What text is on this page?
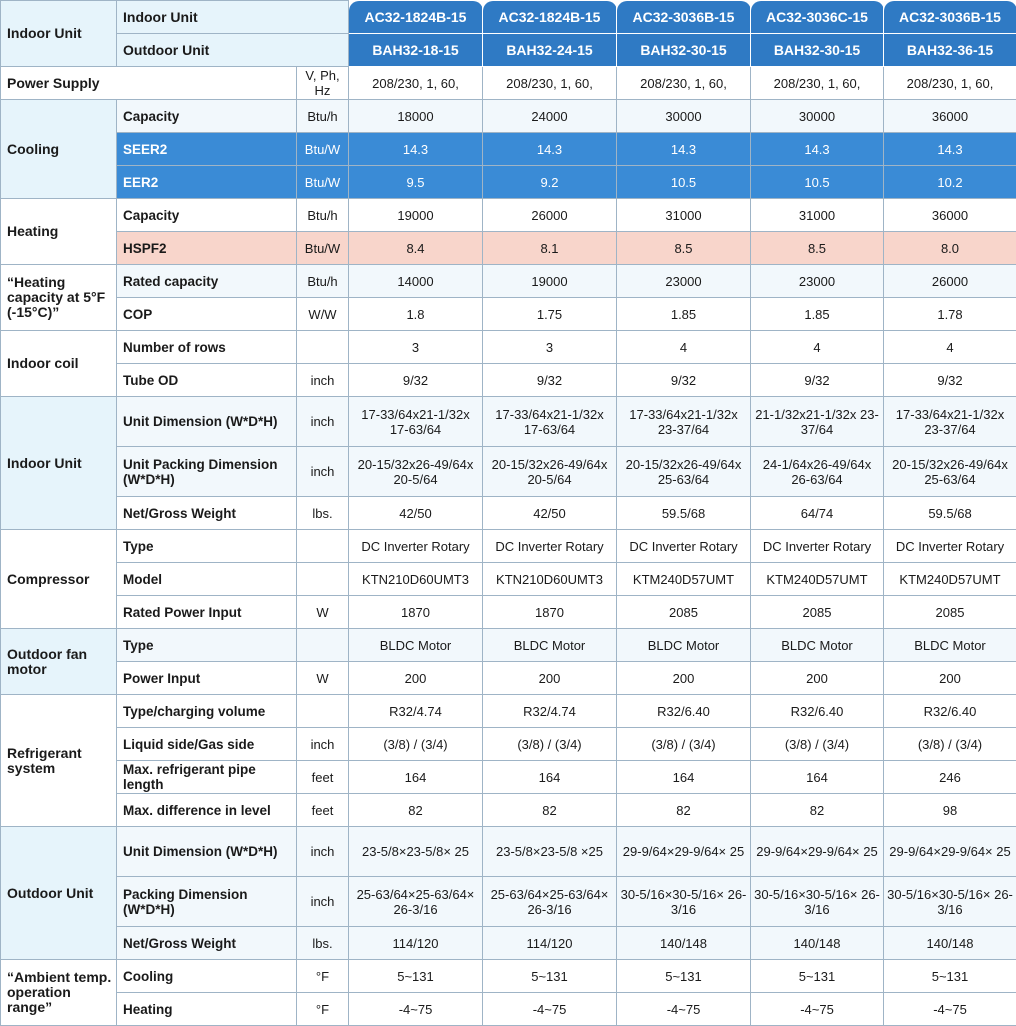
Indoor Unit	Indoor Unit		AC32-1824B-15	AC32-1824B-15	AC32-3036B-15	AC32-3036C-15	AC32-3036B-15
	Outdoor Unit		BAH32-18-15	BAH32-24-15	BAH32-30-15	BAH32-30-15	BAH32-36-15
Power Supply		V, Ph, Hz	208/230, 1, 60,	208/230, 1, 60,	208/230, 1, 60,	208/230, 1, 60,	208/230, 1, 60,
Cooling	Capacity	Btu/h	18000	24000	30000	30000	36000
	SEER2	Btu/W	14.3	14.3	14.3	14.3	14.3
	EER2	Btu/W	9.5	9.2	10.5	10.5	10.2
Heating	Capacity	Btu/h	19000	26000	31000	31000	36000
	HSPF2	Btu/W	8.4	8.1	8.5	8.5	8.0
“Heating capacity at 5°F (-15°C)”	Rated capacity	Btu/h	14000	19000	23000	23000	26000
	COP	W/W	1.8	1.75	1.85	1.85	1.78
Indoor coil	Number of rows		3	3	4	4	4
	Tube OD	inch	9/32	9/32	9/32	9/32	9/32
Indoor Unit	Unit Dimension (W*D*H)	inch	17-33/64x21-1/32x 17-63/64	17-33/64x21-1/32x 17-63/64	17-33/64x21-1/32x 23-37/64	21-1/32x21-1/32x 23-37/64	17-33/64x21-1/32x 23-37/64
	Unit Packing Dimension (W*D*H)	inch	20-15/32x26-49/64x 20-5/64	20-15/32x26-49/64x 20-5/64	20-15/32x26-49/64x 25-63/64	24-1/64x26-49/64x 26-63/64	20-15/32x26-49/64x 25-63/64
	Net/Gross Weight	lbs.	42/50	42/50	59.5/68	64/74	59.5/68
Compressor	Type		DC Inverter Rotary	DC Inverter Rotary	DC Inverter Rotary	DC Inverter Rotary	DC Inverter Rotary
	Model		KTN210D60UMT3	KTN210D60UMT3	KTM240D57UMT	KTM240D57UMT	KTM240D57UMT
	Rated Power Input	W	1870	1870	2085	2085	2085
Outdoor fan motor	Type		BLDC Motor	BLDC Motor	BLDC Motor	BLDC Motor	BLDC Motor
	Power Input	W	200	200	200	200	200
Refrigerant system	Type/charging volume		R32/4.74	R32/4.74	R32/6.40	R32/6.40	R32/6.40
	Liquid side/Gas side	inch	(3/8) / (3/4)	(3/8) / (3/4)	(3/8) / (3/4)	(3/8) / (3/4)	(3/8) / (3/4)
	Max. refrigerant pipe length	feet	164	164	164	164	246
	Max. difference in level	feet	82	82	82	82	98
Outdoor Unit	Unit Dimension (W*D*H)	inch	23-5/8×23-5/8× 25	23-5/8×23-5/8 ×25	29-9/64×29-9/64× 25	29-9/64×29-9/64× 25	29-9/64×29-9/64× 25
	Packing Dimension (W*D*H)	inch	25-63/64×25-63/64× 26-3/16	25-63/64×25-63/64× 26-3/16	30-5/16×30-5/16× 26-3/16	30-5/16×30-5/16× 26-3/16	30-5/16×30-5/16× 26-3/16
	Net/Gross Weight	lbs.	114/120	114/120	140/148	140/148	140/148
“Ambient temp. operation range”	Cooling	°F	5~131	5~131	5~131	5~131	5~131
	Heating	°F	-4~75	-4~75	-4~75	-4~75	-4~75
